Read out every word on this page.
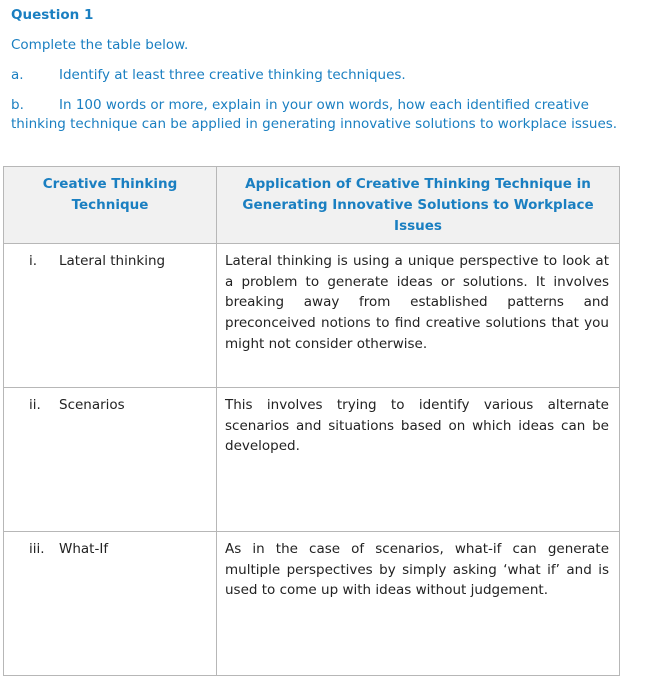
Question 1
Complete the table below.
a.	Identify at least three creative thinking techniques.
b.	In 100 words or more, explain in your own words, how each identified creative thinking technique can be applied in generating innovative solutions to workplace issues.
Creative Thinking Technique	Application of Creative Thinking Technique in Generating Innovative Solutions to Workplace Issues
i. Lateral thinking	Lateral thinking is using a unique perspective to look at a problem to generate ideas or solutions. It involves breaking away from established patterns and preconceived notions to find creative solutions that you might not consider otherwise.
ii. Scenarios	This involves trying to identify various alternate scenarios and situations based on which ideas can be developed.
iii. What-If	As in the case of scenarios, what-if can generate multiple perspectives by simply asking ‘what if’ and is used to come up with ideas without judgement.
